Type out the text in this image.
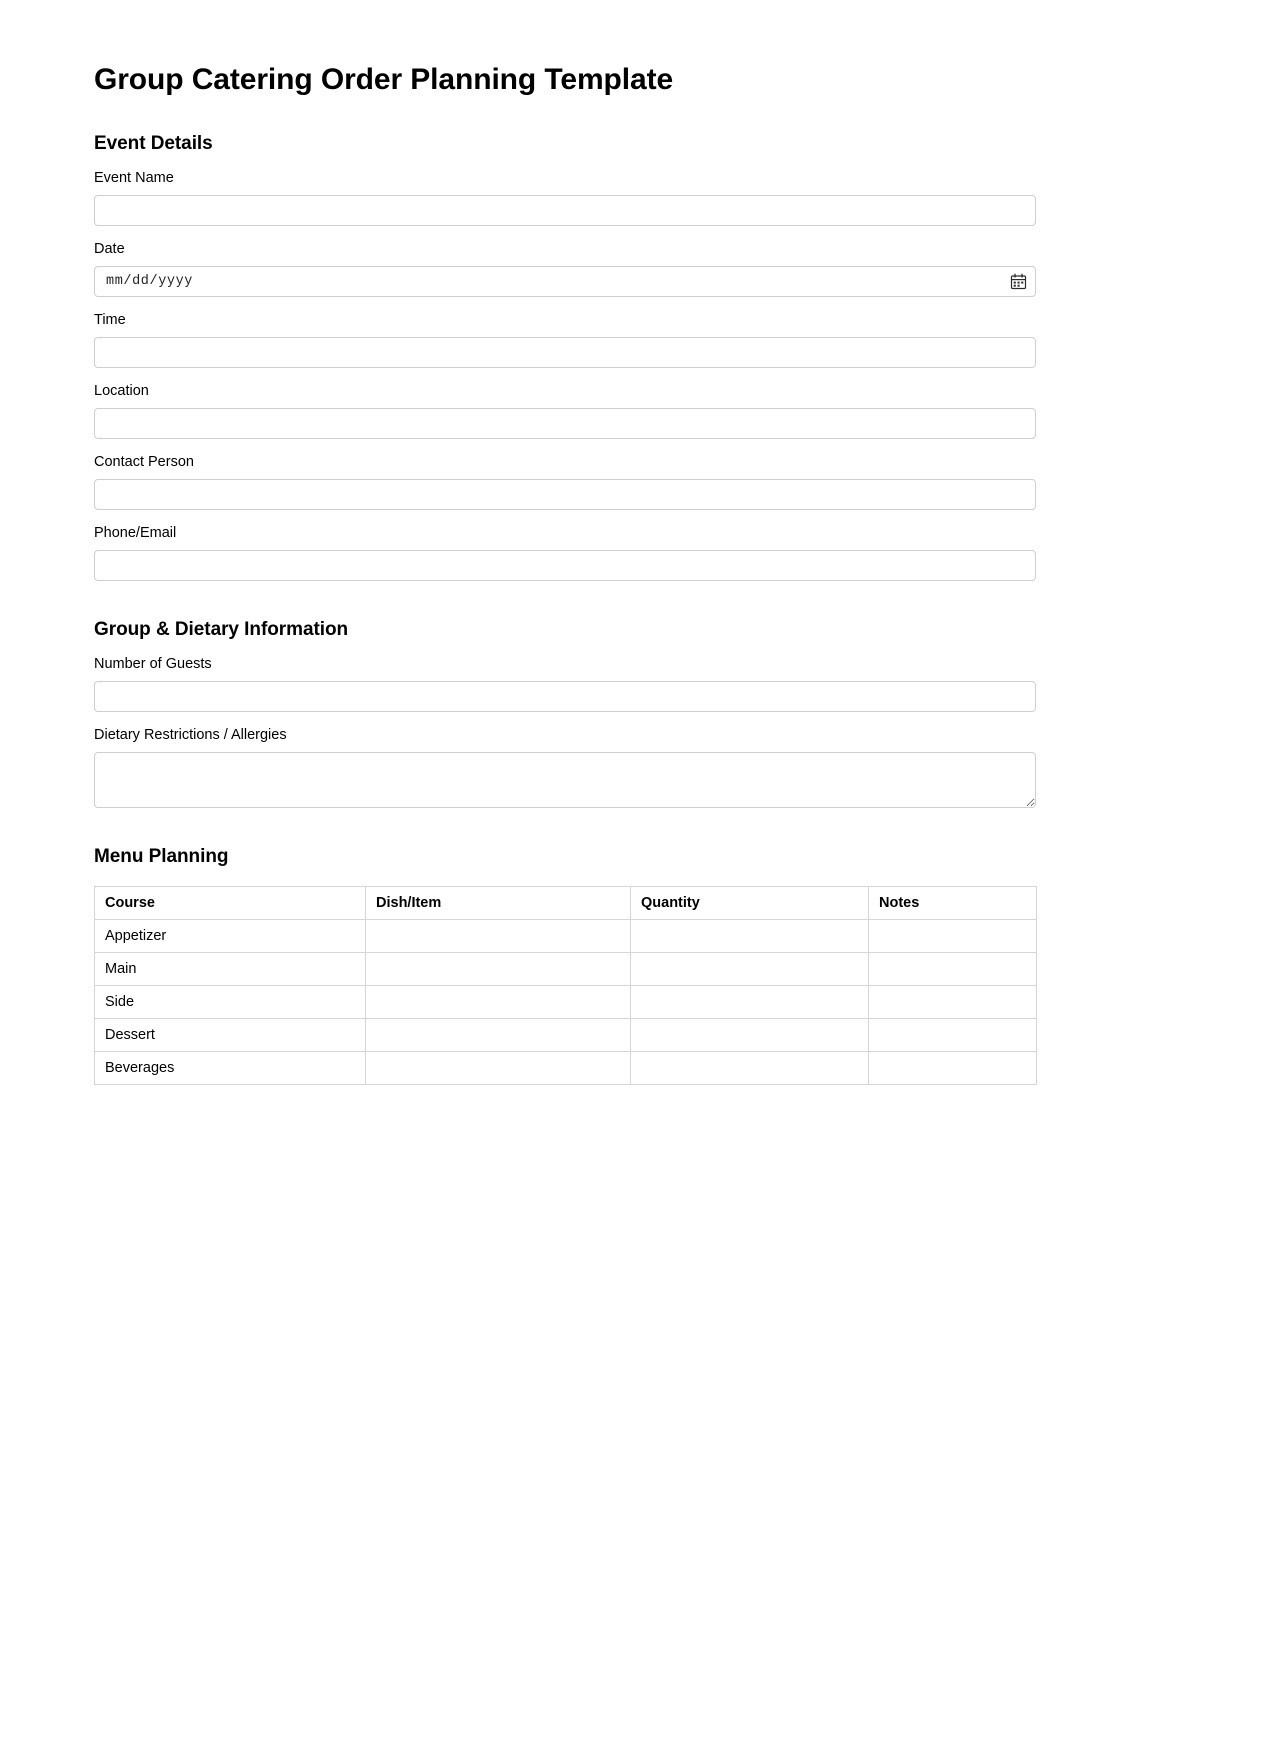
Group Catering Order Planning Template
Event Details
Event Name
Date
mm/dd/yyyy
Time
Location
Contact Person
Phone/Email
Group & Dietary Information
Number of Guests
Dietary Restrictions / Allergies
Menu Planning
Course	Dish/Item	Quantity	Notes
Appetizer			
Main			
Side			
Dessert			
Beverages			
